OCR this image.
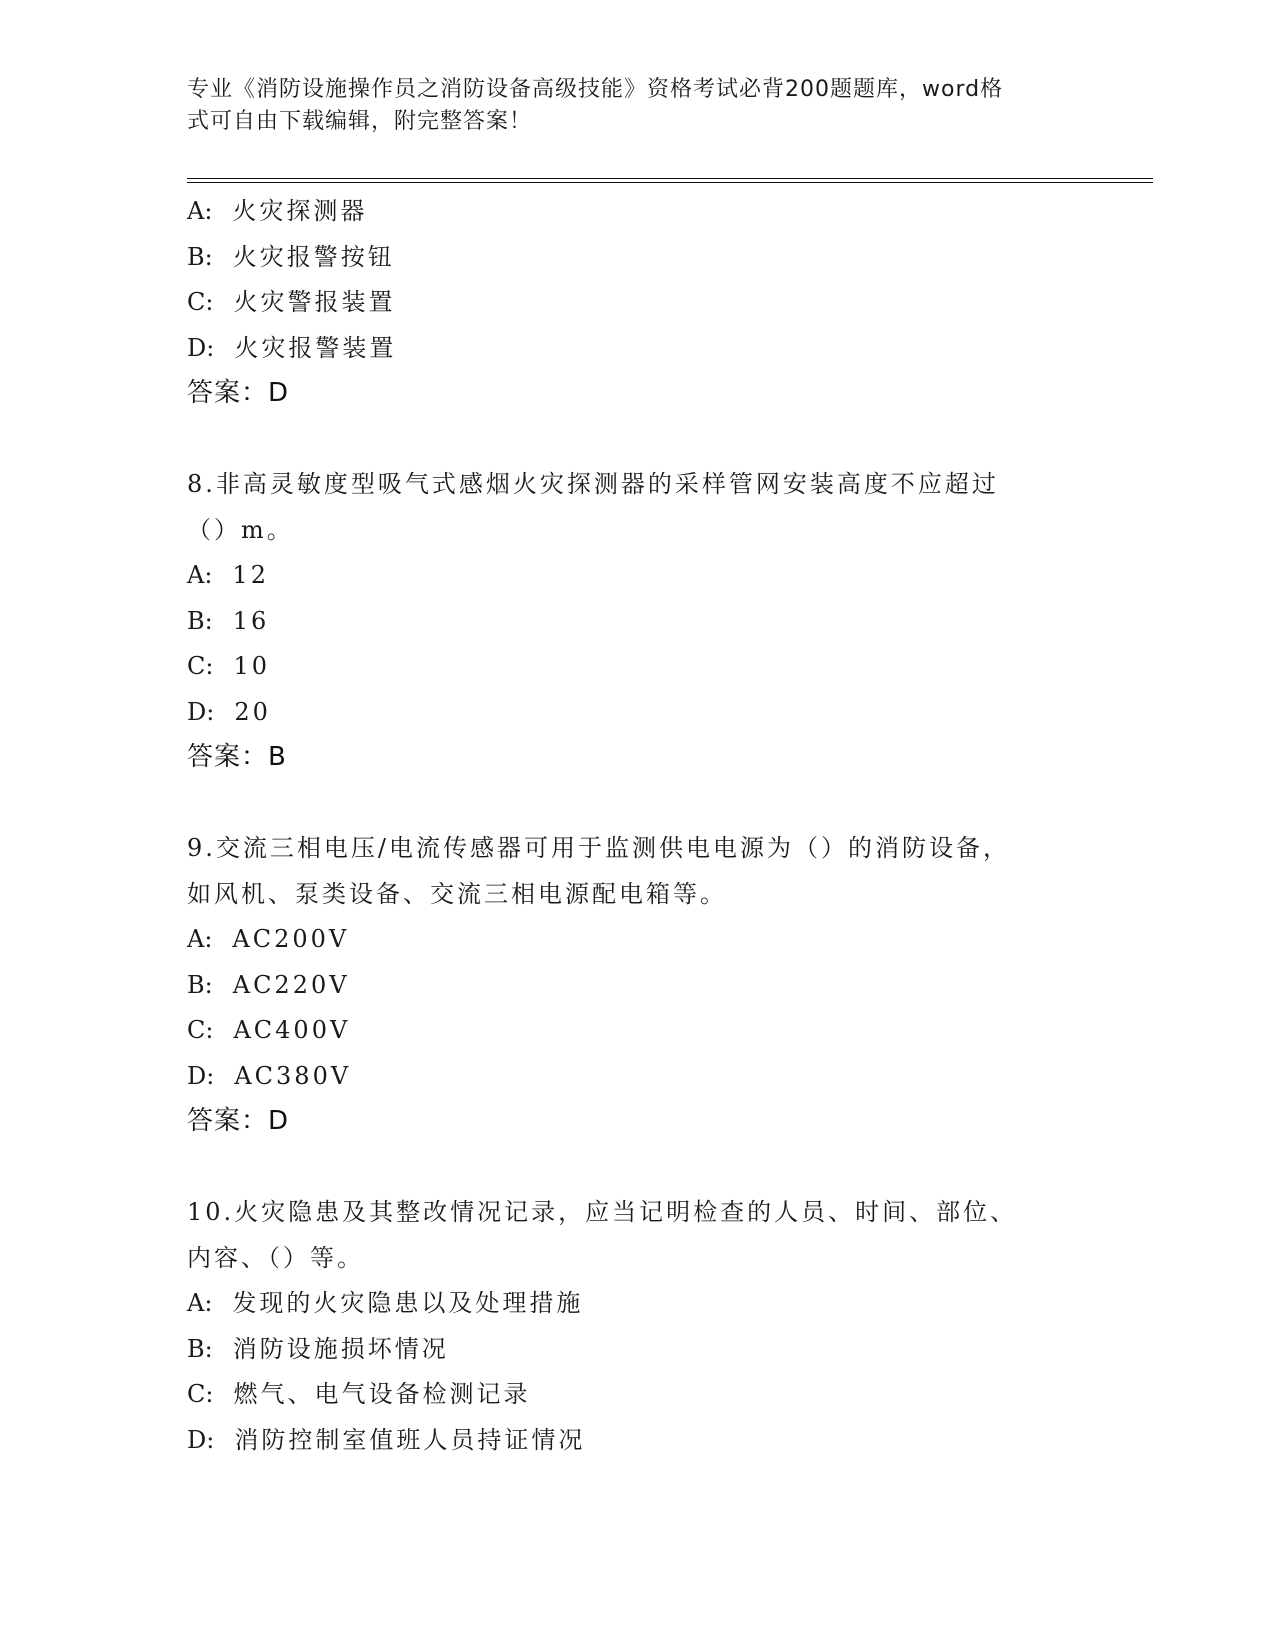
专业《消防设施操作员之消防设备高级技能》资格考试必背200题题库，word格
式可自由下载编辑，附完整答案！
A: 火灾探测器
B: 火灾报警按钮
C: 火灾警报装置
D: 火灾报警装置
答案：D
8.非高灵敏度型吸气式感烟火灾探测器的采样管网安装高度不应超过
（）m。
A: 12
B: 16
C: 10
D: 20
答案：B
9.交流三相电压/电流传感器可用于监测供电电源为（）的消防设备，
如风机、泵类设备、交流三相电源配电箱等。
A: AC200V
B: AC220V
C: AC400V
D: AC380V
答案：D
10.火灾隐患及其整改情况记录，应当记明检查的人员、时间、部位、
内容、（）等。
A: 发现的火灾隐患以及处理措施
B: 消防设施损坏情况
C: 燃气、电气设备检测记录
D: 消防控制室值班人员持证情况
